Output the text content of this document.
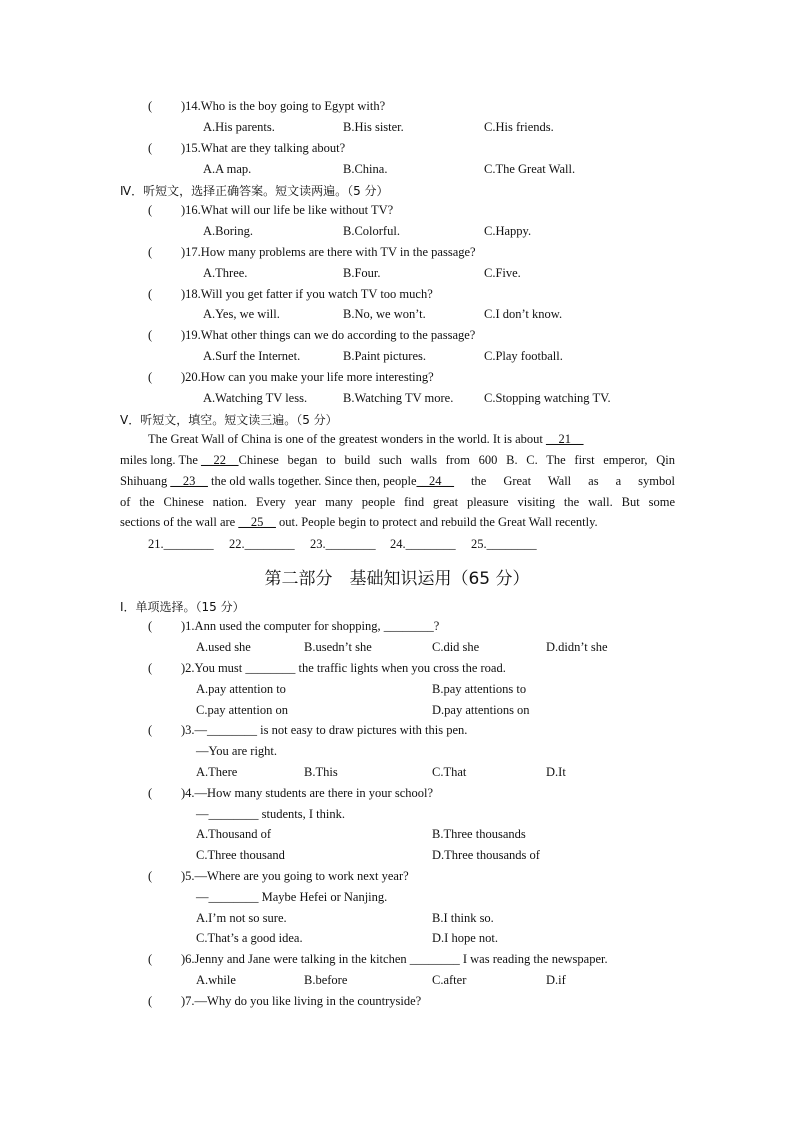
( )14.Who is the boy going to Egypt with?
A.His parents.	B.His sister.	C.His friends.
( )15.What are they talking about?
A.A map.	B.China.	C.The Great Wall.
Ⅳ．听短文，选择正确答案。短文读两遍。（5 分）
( )16.What will our life be like without TV?
A.Boring.	B.Colorful.	C.Happy.
( )17.How many problems are there with TV in the passage?
A.Three.	B.Four.	C.Five.
( )18.Will you get fatter if you watch TV too much?
A.Yes, we will.	B.No, we won’t.	C.I don’t know.
( )19.What other things can we do according to the passage?
A.Surf the Internet.	B.Paint pictures.	C.Play football.
( )20.How can you make your life more interesting?
A.Watching TV less.	B.Watching TV more. C.Stopping watching TV.
Ⅴ．听短文，填空。短文读三遍。（5 分）
The Great Wall of China is one of the greatest wonders in the world. It is about __21__
miles long. The __22__ Chinese began to build such walls from 600 B. C. The first emperor, Qin
Shihuang __23__ the old walls together. Since then, people __24__ the Great Wall as a symbol
of the Chinese nation. Every year many people find great pleasure visiting the wall. But some
sections of the wall are __25__ out. People begin to protect and rebuild the Great Wall recently.
21.________ 22.________ 23.________ 24.________ 25.________
第二部分　基础知识运用（65 分）
Ⅰ．单项选择。（15 分）
( )1.Ann used the computer for shopping, ________?
A.used she	B.usedn’t she	C.did she	D.didn’t she
( )2.You must ________ the traffic lights when you cross the road.
A.pay attention to	B.pay attentions to
C.pay attention on	D.pay attentions on
( )3.—________ is not easy to draw pictures with this pen.
—You are right.
A.There	B.This	C.That	D.It
( )4.—How many students are there in your school?
—________ students, I think.
A.Thousand of	B.Three thousands
C.Three thousand	D.Three thousands of
( )5.—Where are you going to work next year?
—________ Maybe Hefei or Nanjing.
A.I’m not so sure.	B.I think so.
C.That’s a good idea.	D.I hope not.
( )6.Jenny and Jane were talking in the kitchen ________ I was reading the newspaper.
A.while	B.before	C.after	D.if
( )7.—Why do you like living in the countryside?
